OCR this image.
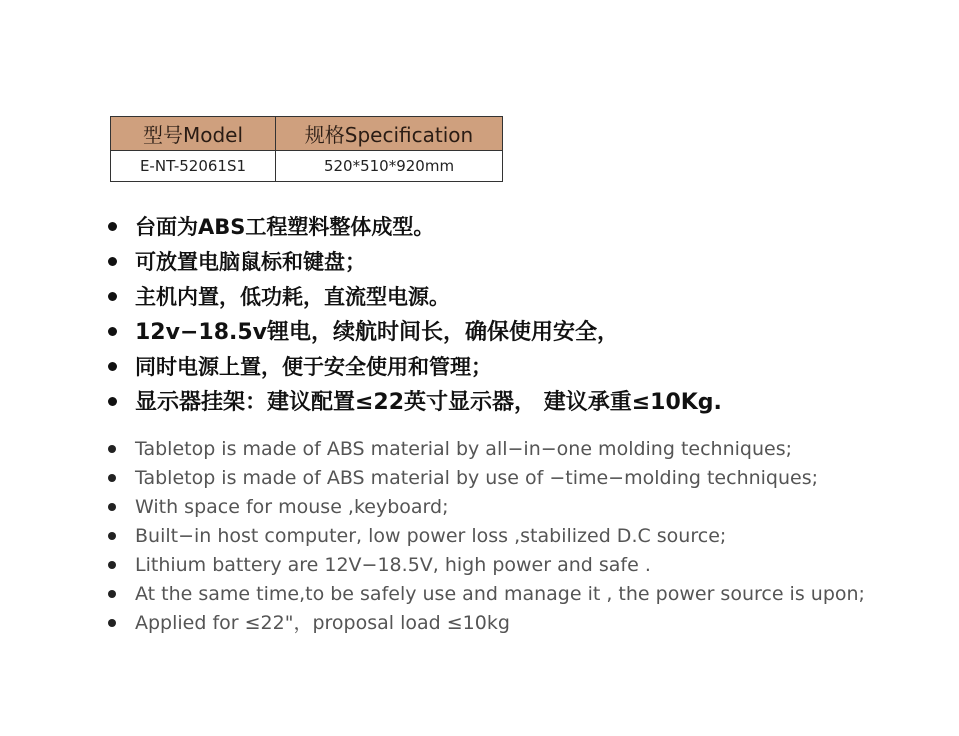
型号Model	规格Specification
E-NT-52061S1	520*510*920mm
台面为ABS工程塑料整体成型。
可放置电脑鼠标和键盘；
主机内置，低功耗，直流型电源。
12v−18.5v锂电，续航时间长，确保使用安全，
同时电源上置，便于安全使用和管理；
显示器挂架：建议配置≤22英寸显示器， 建议承重≤10Kg.
Tabletop is made of ABS material by all−in−one molding techniques;
Tabletop is made of ABS material by use of −time−molding techniques;
With space for mouse ,keyboard;
Built−in host computer, low power loss ,stabilized D.C source;
Lithium battery are 12V−18.5V, high power and safe .
At the same time,to be safely use and manage it , the power source is upon;
Applied for ≤22"，proposal load ≤10kg
